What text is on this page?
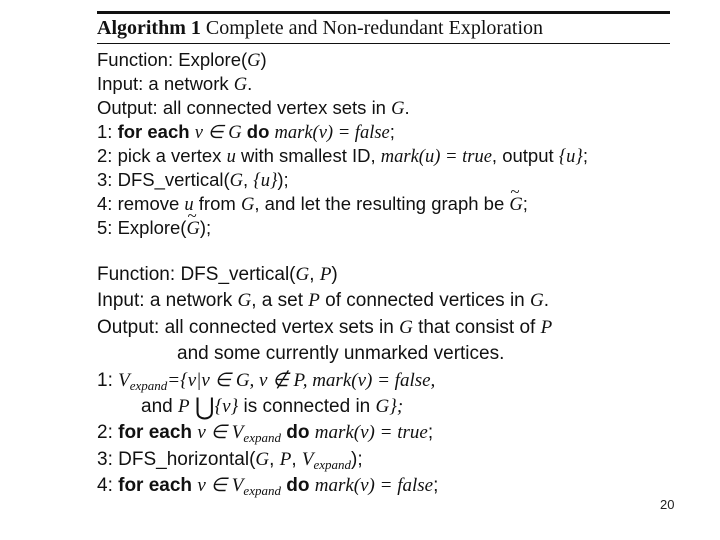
Algorithm 1 Complete and Non-redundant Exploration
Function: Explore(G)
Input: a network G.
Output: all connected vertex sets in G.
1: for each v ∈ G do mark(v) = false;
2: pick a vertex u with smallest ID, mark(u) = true, output {u};
3: DFS_vertical(G, {u});
4: remove u from G, and let the resulting graph be ~ G;
5: Explore(~ G);
Function: DFS_vertical(G, P)
Input: a network G, a set P of connected vertices in G.
Output: all connected vertex sets in G that consist of P
and some currently unmarked vertices.
1: $V_{expand}=\{v|v$ ∈ G, v ∉ P, mark(v) = false,
and P ⋃{v} is connected in G};
2: for each v ∈ $V_{expand}$ do mark(v) = true;
3: DFS_horizontal(G, P, $V_{expand}$);
4: for each v ∈ $V_{expand}$ do mark(v) = false;
20
